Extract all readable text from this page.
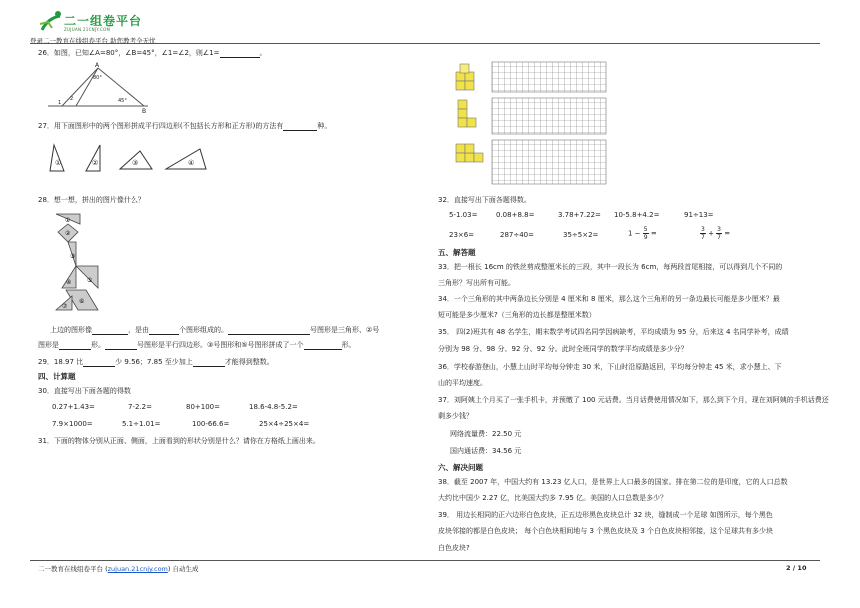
二一组卷平台
ZUJUAN.21CNJY.COM
登录二一教育在线组卷平台 助您教考全无忧
26．如图，已知∠A=80°，∠B=45°，∠1=∠2，则∠1=	。
A
80°
45°
B
1
2
27．用下面图形中的两个图形拼成平行四边形(不包括长方形和正方形)的方法有	种。
①	②	③	④
28．想一想，拼出的图片像什么？
①
②
③
④	⑤
⑥
⑦
上边的图形像	，是由	个图形组成的。	号图形是三角形、②号
图形是	形。	号图形是平行四边形。③号图形和⑤号图形拼成了一个	形。
29．18.97 比	少 9.56；7.85 至少加上	才能得到整数。
四、计算题
30．直接写出下面各题的得数
0.27+1.43=	7-2.2=	80+100=	18.6-4.8-5.2=
7.9×1000=	5.1÷1.01=	100-66.6=	25×4÷25×4=
31．下面的物体分别从正面、侧面，上面看到的形状分别是什么？请你在方格纸上画出来。
32．直接写出下面各题得数。
5-1.03=	0.08+8.8=	3.78+7.22= 10-5.8+4.2=	91÷13=
23×6=	287÷40=	35÷5×2=	$1 - \frac{5}{9}$ =	$\frac{3}{7} + \frac{3}{7}$ =
五、解答题
33．把一根长 16cm 的铁丝剪成整厘米长的三段，其中一段长为 6cm，每两段首尾相接，可以得到几个不同的
三角形？写出所有可能。
34．一个三角形的其中两条边长分别是 4 厘米和 8 厘米，那么这个三角形的另一条边最长可能是多少厘米？最
短可能是多少厘米?（三角形的边长都是整厘米数）
35． 四(2)班共有 48 名学生，期末数学考试四名同学因病缺考，平均成绩为 95 分，后来这 4 名同学补考，成绩
分别为 98 分、98 分、92 分、92 分。此时全班同学的数学平均成绩是多少分？
36．学校春游登山，小慧上山时平均每分钟走 30 米，下山时沿原路返回，平均每分钟走 45 米，求小慧上、下
山的平均速度。
37．刘阿姨上个月买了一张手机卡，并预缴了 100 元话费。当月话费使用情况如下，那么到下个月，现在刘阿姨的手机话费还
剩多少钱？
网络流量费：22.50 元
国内通话费：34.56 元
六、解决问题
38．截至 2007 年，中国大约有 13.23 亿人口，是世界上人口最多的国家。排在第二位的是印度，它的人口总数
大约比中国少 2.27 亿，比美国大约多 7.95 亿。美国的人口总数是多少？
39． 用边长相同的正六边形白色皮块，正五边形黑色皮块总计 32 块，缝制成一个足球 如图所示，每个黑色
皮块邻接的都是白色皮块； 每个白色块相间地与 3 个黑色皮块及 3 个白色皮块相邻接，这个足球共有多少块
白色皮块?
二一教育在线组卷平台 (zujuan.21cnjy.com) 自动生成	2 / 10
